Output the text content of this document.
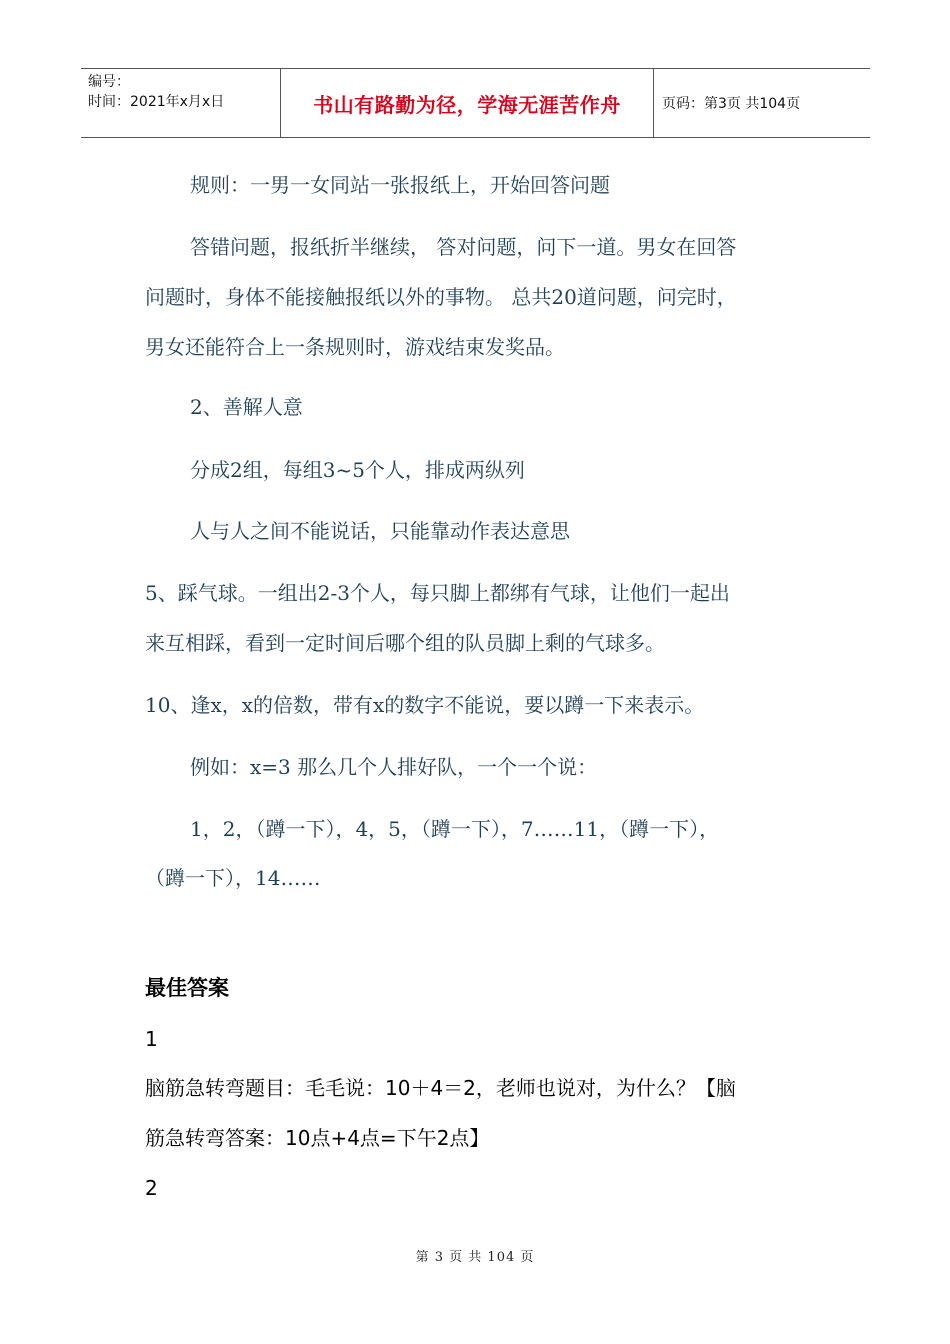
编号：
时间：2021年x月x日	书山有路勤为径，学海无涯苦作舟	页码：第3页 共104页
规则：一男一女同站一张报纸上，开始回答问题
答错问题，报纸折半继续， 答对问题，问下一道。男女在回答
问题时，身体不能接触报纸以外的事物。 总共20道问题，问完时，
男女还能符合上一条规则时，游戏结束发奖品。
2、善解人意
分成2组，每组3~5个人，排成两纵列
人与人之间不能说话，只能靠动作表达意思
5、踩气球。一组出2-3个人，每只脚上都绑有气球，让他们一起出
来互相踩，看到一定时间后哪个组的队员脚上剩的气球多。
10、逢x，x的倍数，带有x的数字不能说，要以蹲一下来表示。
例如：x=3 那么几个人排好队，一个一个说：
1，2，（蹲一下），4，5，（蹲一下），7……11，（蹲一下），
（蹲一下），14……
最佳答案
1
脑筋急转弯题目：毛毛说：10＋4＝2，老师也说对，为什么？【脑
筋急转弯答案：10点+4点=下午2点】
2
第 3 页 共 104 页
